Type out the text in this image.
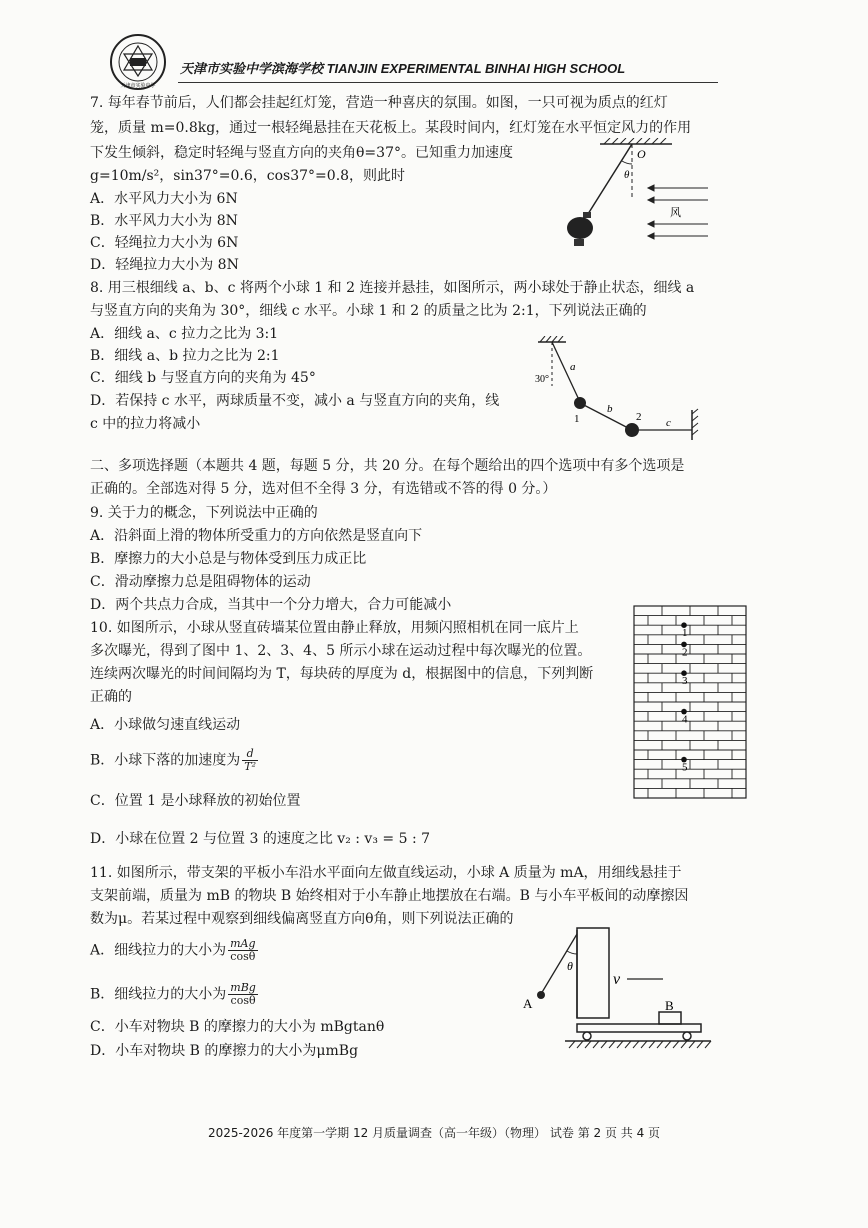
天津市实验中学
天津市实验中学滨海学校 TIANJIN EXPERIMENTAL BINHAI HIGH SCHOOL
7. 每年春节前后，人们都会挂起红灯笼，营造一种喜庆的氛围。如图，一只可视为质点的红灯
笼，质量 m=0.8kg，通过一根轻绳悬挂在天花板上。某段时间内，红灯笼在水平恒定风力的作用
下发生倾斜，稳定时轻绳与竖直方向的夹角θ=37°。已知重力加速度
g=10m/s²，sin37°=0.6，cos37°=0.8，则此时
A．水平风力大小为 6N
B．水平风力大小为 8N
C．轻绳拉力大小为 6N
D．轻绳拉力大小为 8N
O
θ
风
8. 用三根细线 a、b、c 将两个小球 1 和 2 连接并悬挂，如图所示，两小球处于静止状态，细线 a
与竖直方向的夹角为 30°，细线 c 水平。小球 1 和 2 的质量之比为 2:1，下列说法正确的
A．细线 a、c 拉力之比为 3:1
B．细线 a、b 拉力之比为 2:1
C．细线 b 与竖直方向的夹角为 45°
D．若保持 c 水平，两球质量不变，减小 a 与竖直方向的夹角，线
c 中的拉力将减小
30°
a
1
b
2 c
二、多项选择题（本题共 4 题，每题 5 分，共 20 分。在每个题给出的四个选项中有多个选项是
正确的。全部选对得 5 分，选对但不全得 3 分，有选错或不答的得 0 分。）
9. 关于力的概念，下列说法中正确的
A．沿斜面上滑的物体所受重力的方向依然是竖直向下
B．摩擦力的大小总是与物体受到压力成正比
C．滑动摩擦力总是阻碍物体的运动
D．两个共点力合成，当其中一个分力增大，合力可能减小
10. 如图所示，小球从竖直砖墙某位置由静止释放，用频闪照相机在同一底片上
多次曝光，得到了图中 1、2、3、4、5 所示小球在运动过程中每次曝光的位置。
连续两次曝光的时间间隔均为 T，每块砖的厚度为 d，根据图中的信息，下列判断
正确的
A．小球做匀速直线运动
B．小球下落的加速度为 $\frac{d}{\text{T²}}$
C．位置 1 是小球释放的初始位置
D．小球在位置 2 与位置 3 的速度之比 v₂ : v₃ = 5 : 7
1
2
3
4
5
11. 如图所示，带支架的平板小车沿水平面向左做直线运动，小球 A 质量为 mA，用细线悬挂于
支架前端，质量为 mB 的物块 B 始终相对于小车静止地摆放在右端。B 与小车平板间的动摩擦因
数为μ。若某过程中观察到细线偏离竖直方向θ角，则下列说法正确的
A．细线拉力的大小为 mAg
cosθ
B．细线拉力的大小为 mBg
cosθ
C．小车对物块 B 的摩擦力的大小为 mBgtanθ
D．小车对物块 B 的摩擦力的大小为μmBg
θ
A
v
B
2025-2026 年度第一学期 12 月质量调查（高一年级）（物理） 试卷 第 2 页 共 4 页
